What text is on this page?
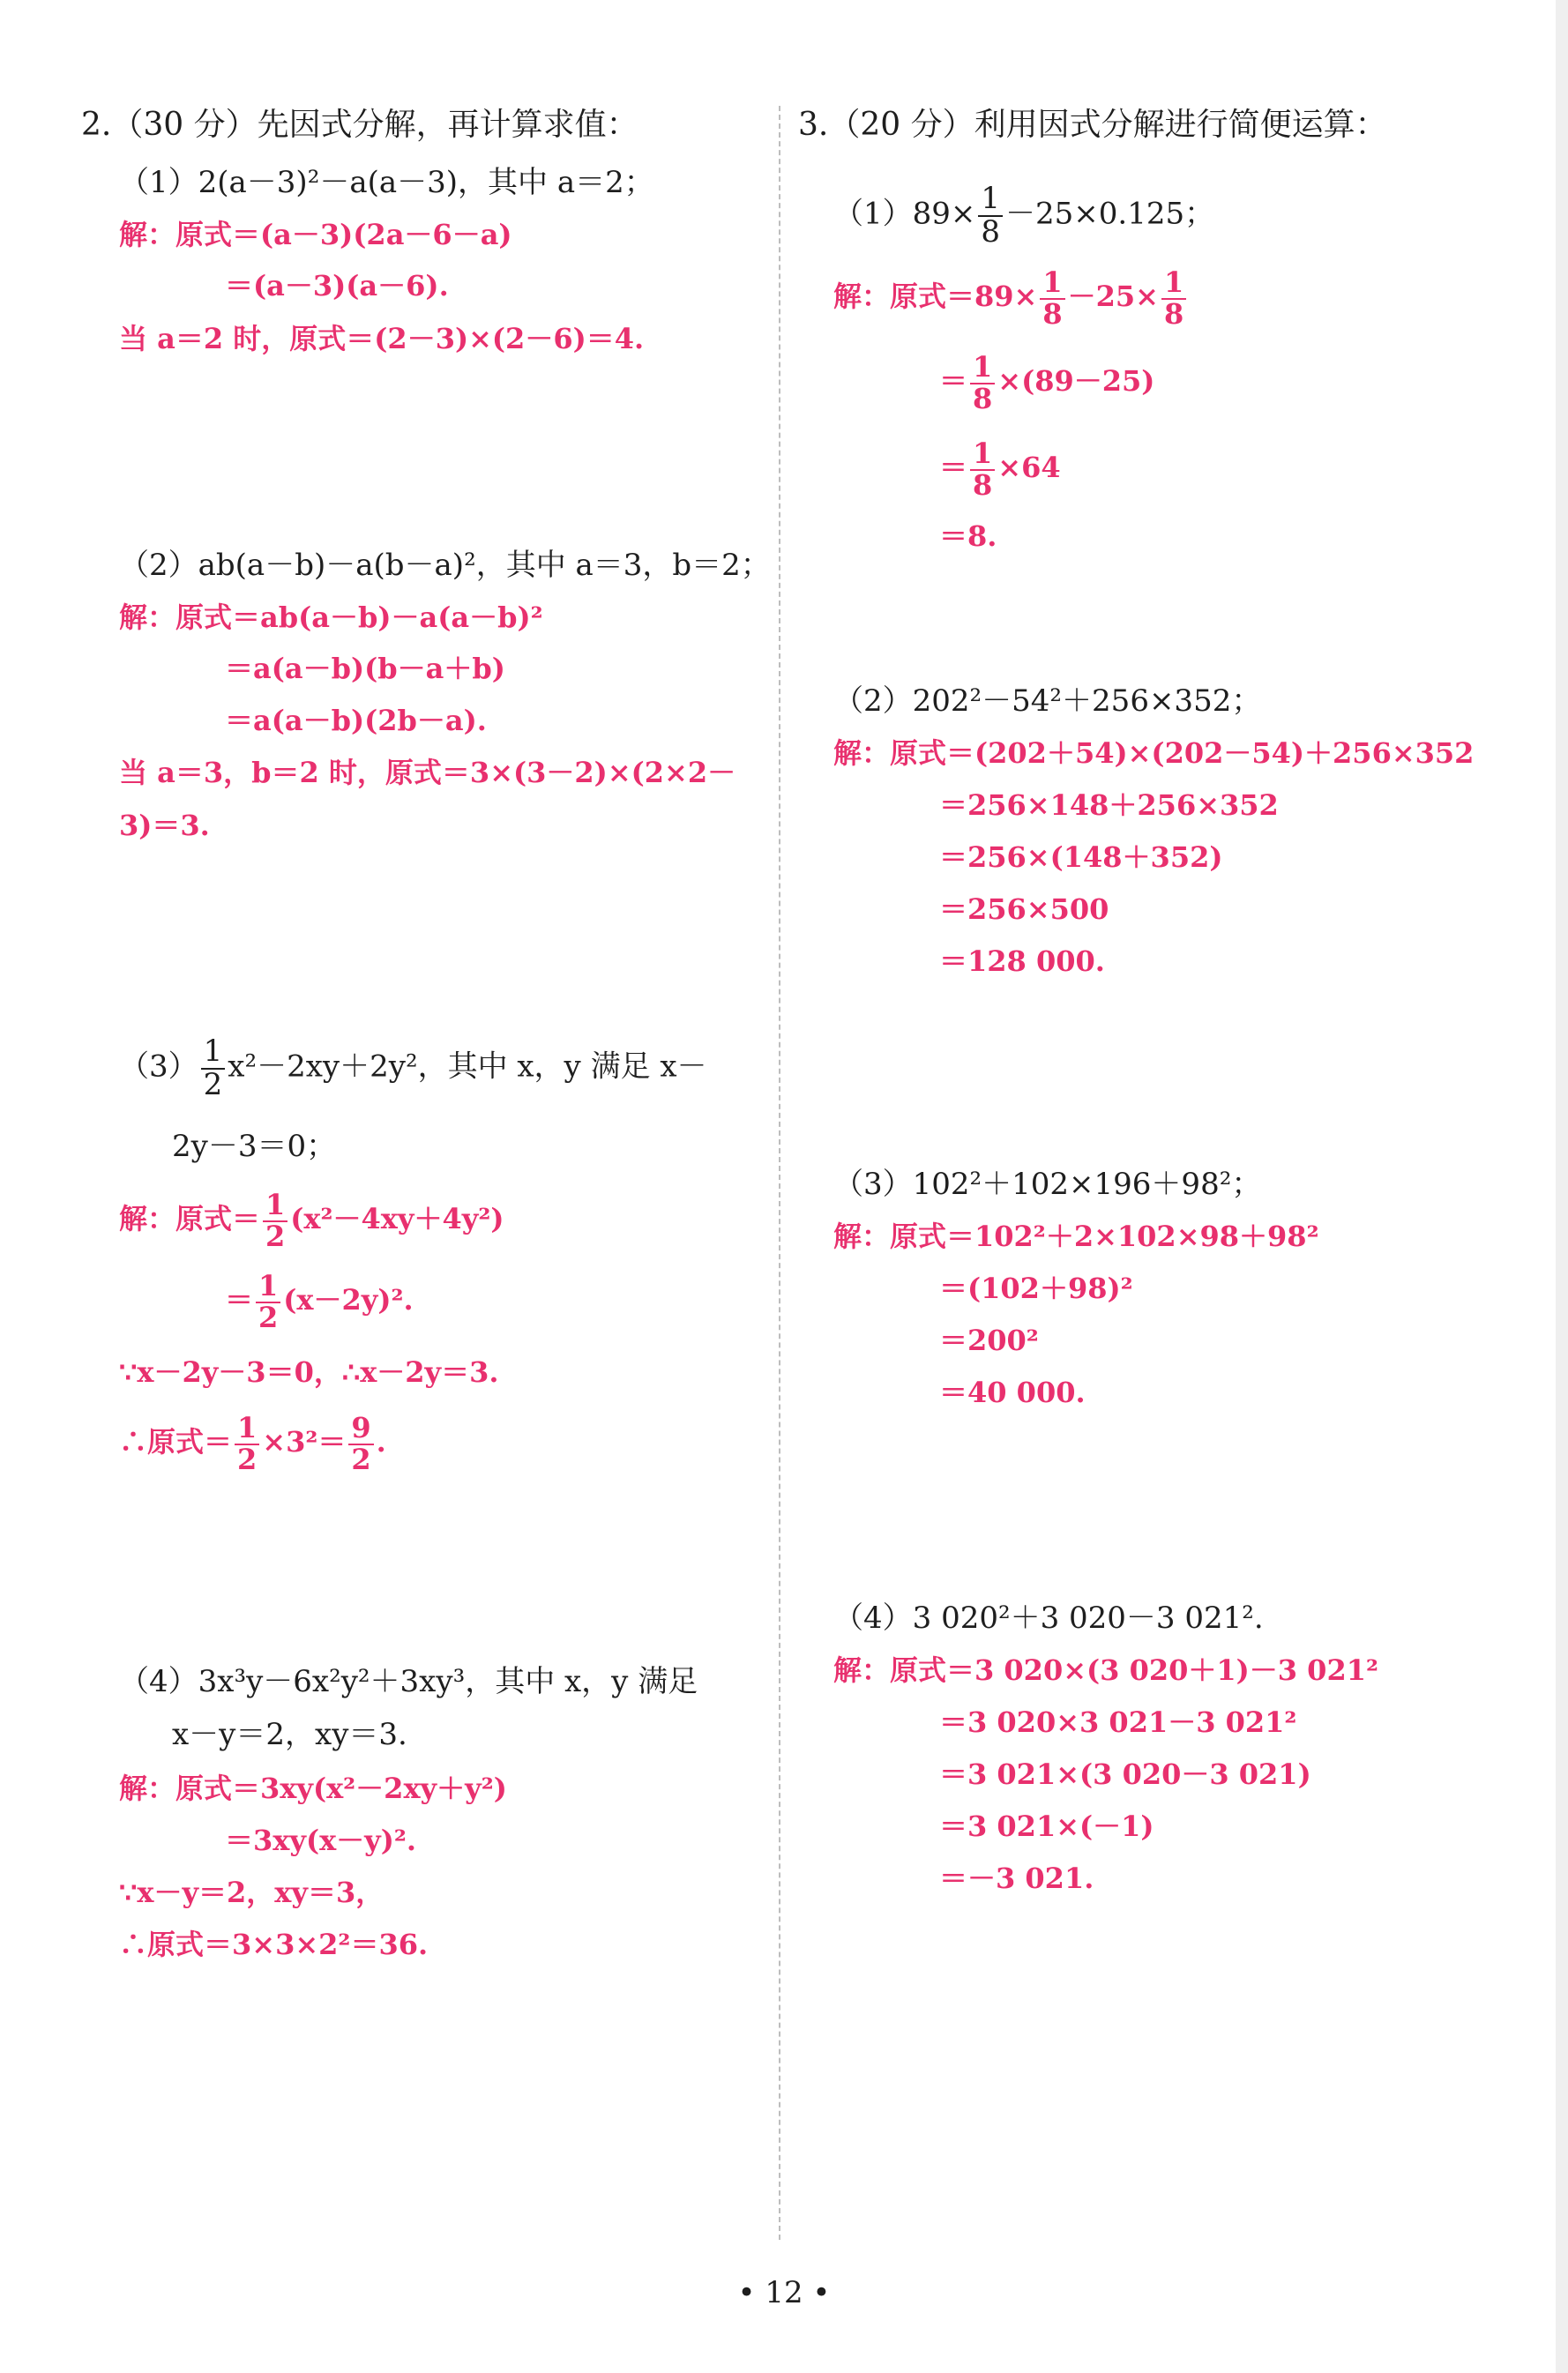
2.（30 分）先因式分解，再计算求值：
（1）2(a－3)²－a(a－3)，其中 a＝2；
解：原式＝(a－3)(2a－6－a)
＝(a－3)(a－6).
当 a＝2 时，原式＝(2－3)×(2－6)＝4.
（2）ab(a－b)－a(b－a)²，其中 a＝3，b＝2；
解：原式＝ab(a－b)－a(a－b)²
＝a(a－b)(b－a＋b)
＝a(a－b)(2b－a).
当 a＝3，b＝2 时，原式＝3×(3－2)×(2×2－
3)＝3.
$(3) \frac{1}{2} x^2-2xy+2y^2$，其中 x，y 满足 x－
2y－3＝0；
解：原式＝ $\frac{1}{2} (x^2-4xy+4y^2)$
＝ $\frac{1}{2} (x-2y)^2$.
∵x－2y－3＝0，∴x－2y＝3.
∴原式＝ $\frac{1}{2} \times 3^2= \frac{9}{2}$ .
（4）3x³y－6x²y²＋3xy³，其中 x，y 满足
x－y＝2，xy＝3.
解：原式＝3xy(x²－2xy＋y²)
＝3xy(x－y)².
∵x－y＝2，xy＝3，
∴原式＝3×3×2²＝36.
3.（20 分）利用因式分解进行简便运算：
$(1)89\times \frac{1}{8} -25\times 0.125$；
解：原式$=89\times \frac{1}{8} -25\times \frac{1}{8}$
＝ $\frac{1}{8} \times(89-25)$
＝ $\frac{1}{8} \times 64$
＝8.
（2）202²－54²＋256×352；
解：原式＝(202＋54)×(202－54)＋256×352
＝256×148＋256×352
＝256×(148＋352)
＝256×500
＝128 000.
（3）102²＋102×196＋98²；
解：原式＝102²＋2×102×98＋98²
＝(102＋98)²
＝200²
＝40 000.
（4）3 020²＋3 020－3 021².
解：原式＝3 020×(3 020＋1)－3 021²
＝3 020×3 021－3 021²
＝3 021×(3 020－3 021)
＝3 021×(－1)
＝－3 021.
• 12 •
